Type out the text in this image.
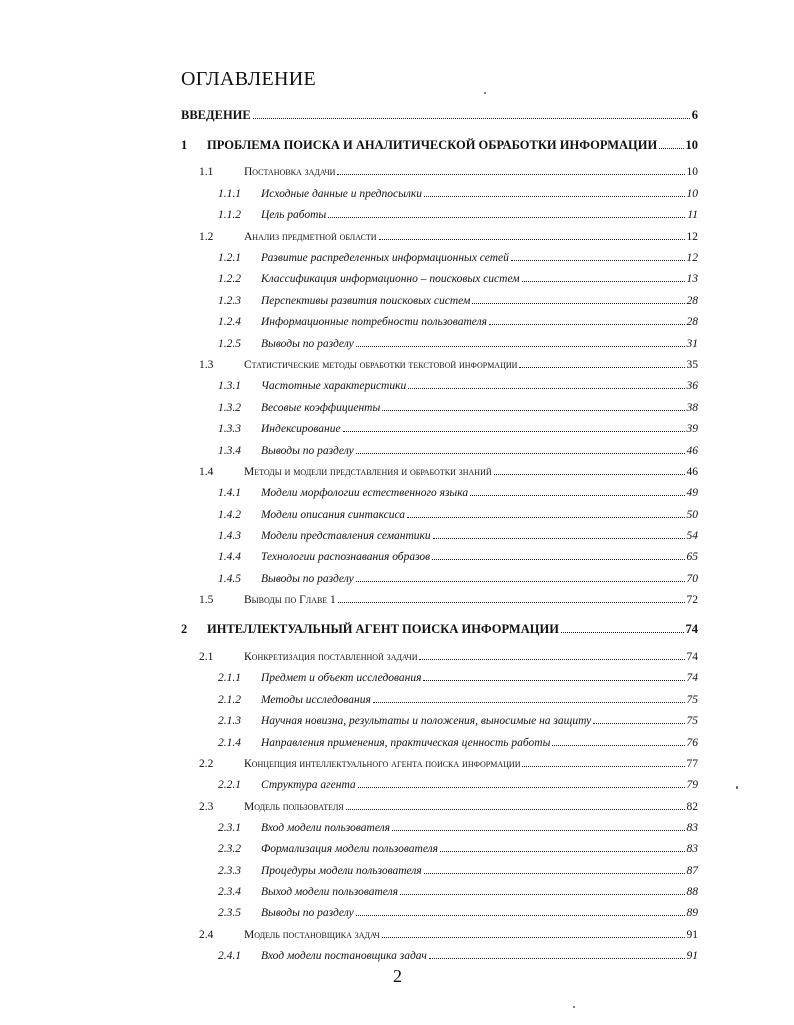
ОГЛАВЛЕНИЕ
ВВЕДЕНИЕ	6
1	ПРОБЛЕМА ПОИСКА И АНАЛИТИЧЕСКОЙ ОБРАБОТКИ ИНФОРМАЦИИ 10
1.1	Постановка задачи	10
1.1.1	Исходные данные и предпосылки	10
1.1.2	Цель работы	11
1.2	Анализ предметной области	12
1.2.1	Развитие распределенных информационных сетей	12
1.2.2	Классификация информационно – поисковых систем	13
1.2.3	Перспективы развития поисковых систем	28
1.2.4	Информационные потребности пользователя	28
1.2.5	Выводы по разделу	31
1.3	Статистические методы обработки текстовой информации	35
1.3.1	Частотные характеристики	36
1.3.2	Весовые коэффициенты	38
1.3.3	Индексирование	39
1.3.4	Выводы по разделу	46
1.4	Методы и модели представления и обработки знаний	46
1.4.1	Модели морфологии естественного языка	49
1.4.2	Модели описания синтаксиса	50
1.4.3	Модели представления семантики	54
1.4.4	Технологии распознавания образов	65
1.4.5	Выводы по разделу	70
1.5	Выводы по Главе 1	72
2	ИНТЕЛЛЕКТУАЛЬНЫЙ АГЕНТ ПОИСКА ИНФОРМАЦИИ	74
2.1	Конкретизация поставленной задачи	74
2.1.1	Предмет и объект исследования	74
2.1.2	Методы исследования	75
2.1.3	Научная новизна, результаты и положения, выносимые на защиту	75
2.1.4	Направления применения, практическая ценность работы	76
2.2	Концепция интеллектуального агента поиска информации	77
2.2.1	Структура агента	79
2.3	Модель пользователя	82
2.3.1	Вход модели пользователя	83
2.3.2	Формализация модели пользователя	83
2.3.3	Процедуры модели пользователя	87
2.3.4	Выход модели пользователя	88
2.3.5	Выводы по разделу	89
2.4	Модель постановщика задач	91
2.4.1	Вход модели постановщика задач	91
2
